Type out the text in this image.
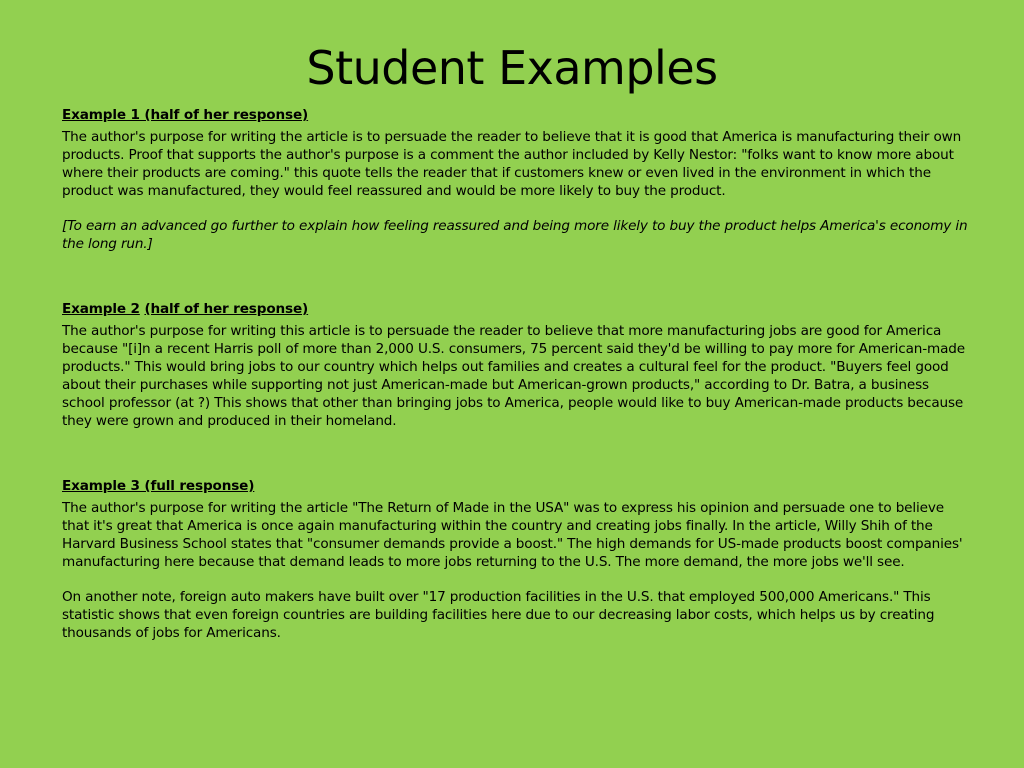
Student Examples
Example 1 (half of her response)

The author's purpose for writing the article is to persuade the reader to believe that it is good that America is manufacturing their own products. Proof that supports the author's purpose is a comment the author included by Kelly Nestor: "folks want to know more about where their products are coming." this quote tells the reader that if customers knew or even lived in the environment in which the product was manufactured, they would feel reassured and would be more likely to buy the product.

[To earn an advanced go further to explain how feeling reassured and being more likely to buy the product helps America's economy in the long run.]

Example 2 (half of her response)

The author's purpose for writing this article is to persuade the reader to believe that more manufacturing jobs are good for America because "[i]n a recent Harris poll of more than 2,000 U.S. consumers, 75 percent said they'd be willing to pay more for American-made products." This would bring jobs to our country which helps out families and creates a cultural feel for the product. "Buyers feel good about their purchases while supporting not just American-made but American-grown products," according to Dr. Batra, a business school professor (at ?) This shows that other than bringing jobs to America, people would like to buy American-made products because they were grown and produced in their homeland.

Example 3 (full response)

The author's purpose for writing the article "The Return of Made in the USA" was to express his opinion and persuade one to believe that it's great that America is once again manufacturing within the country and creating jobs finally. In the article, Willy Shih of the Harvard Business School states that "consumer demands provide a boost." The high demands for US-made products boost companies' manufacturing here because that demand leads to more jobs returning to the U.S. The more demand, the more jobs we'll see.

On another note, foreign auto makers have built over "17 production facilities in the U.S. that employed 500,000 Americans." This statistic shows that even foreign countries are building facilities here due to our decreasing labor costs, which helps us by creating thousands of jobs for Americans.
